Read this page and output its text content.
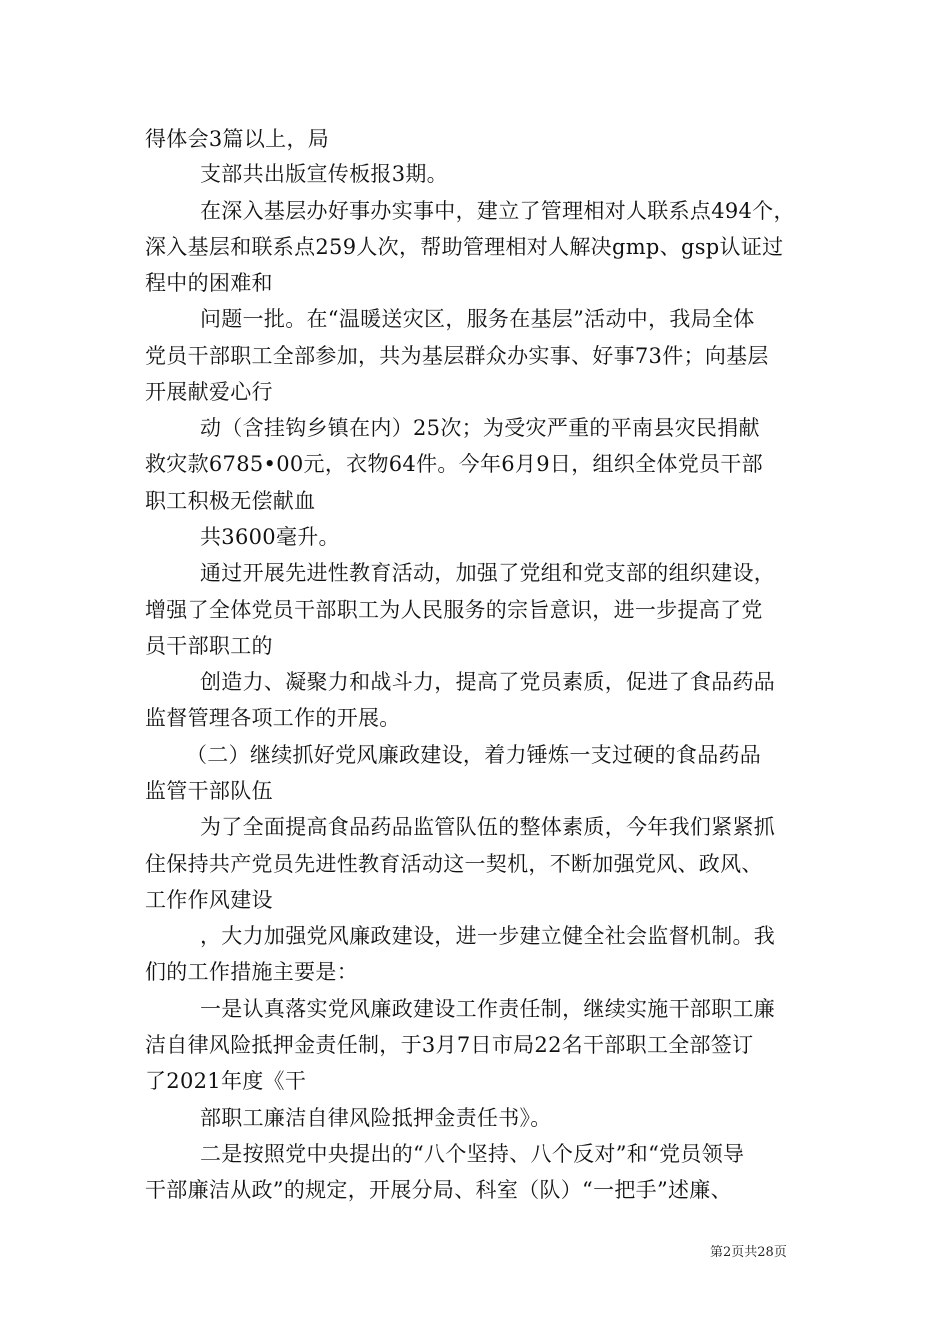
得体会3篇以上，局
支部共出版宣传板报3期。
在深入基层办好事办实事中，建立了管理相对人联系点494个，
深入基层和联系点259人次，帮助管理相对人解决gmp、gsp认证过
程中的困难和
问题一批。在“温暖送灾区，服务在基层”活动中，我局全体
党员干部职工全部参加，共为基层群众办实事、好事73件；向基层
开展献爱心行
动（含挂钩乡镇在内）25次；为受灾严重的平南县灾民捐献
救灾款6785•00元，衣物64件。今年6月9日，组织全体党员干部
职工积极无偿献血
共3600毫升。
通过开展先进性教育活动，加强了党组和党支部的组织建设，
增强了全体党员干部职工为人民服务的宗旨意识，进一步提高了党
员干部职工的
创造力、凝聚力和战斗力，提高了党员素质，促进了食品药品
监督管理各项工作的开展。
（二）继续抓好党风廉政建设，着力锤炼一支过硬的食品药品
监管干部队伍
为了全面提高食品药品监管队伍的整体素质，今年我们紧紧抓
住保持共产党员先进性教育活动这一契机，不断加强党风、政风、
工作作风建设
，大力加强党风廉政建设，进一步建立健全社会监督机制。我
们的工作措施主要是：
一是认真落实党风廉政建设工作责任制，继续实施干部职工廉
洁自律风险抵押金责任制，于3月7日市局22名干部职工全部签订
了2021年度《干
部职工廉洁自律风险抵押金责任书》。
二是按照党中央提出的“八个坚持、八个反对”和“党员领导
干部廉洁从政”的规定，开展分局、科室（队）“一把手”述廉、
第2页共28页
